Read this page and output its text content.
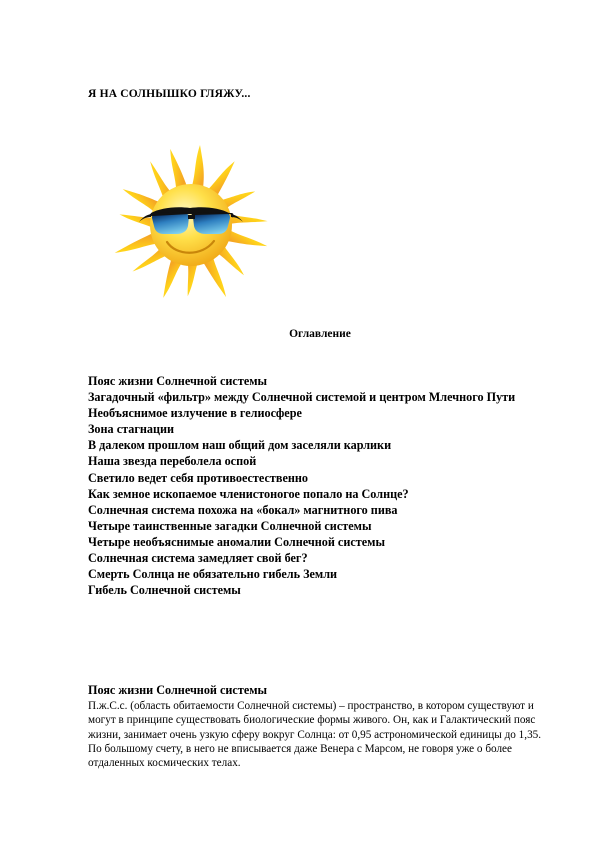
Я НА СОЛНЫШКО ГЛЯЖУ...
Оглавление

Пояс жизни Солнечной системы

Загадочный «фильтр» между Солнечной системой и центром Млечного Пути

Необъяснимое излучение в гелиосфере

Зона стагнации

В далеком прошлом наш общий дом заселяли карлики

Наша звезда переболела оспой

Светило ведет себя противоестественно

Как земное ископаемое членистоногое попало на Солнце?

Солнечная система похожа на «бокал» магнитного пива

Четыре таинственные загадки Солнечной системы

Четыре необъяснимые аномалии Солнечной системы

Солнечная система замедляет свой бег?

Смерть Солнца не обязательно гибель Земли

Гибель Солнечной системы

Пояс жизни Солнечной системы
П.ж.С.с. (область обитаемости Солнечной системы) – пространство, в котором существуют и могут в принципе существовать биологические формы живого. Он, как и Галактический пояс жизни, занимает очень узкую сферу вокруг Солнца: от 0,95 астрономической единицы до 1,35.
По большому счету, в него не вписывается даже Венера с Марсом, не говоря уже о более отдаленных космических телах.
